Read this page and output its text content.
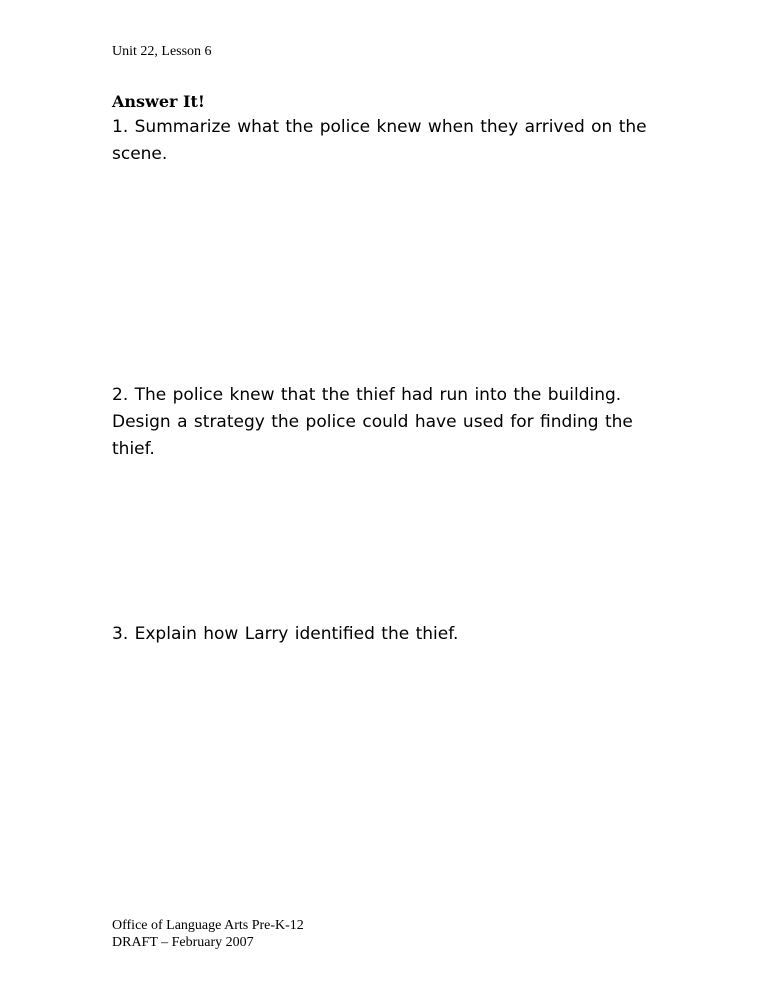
Unit 22, Lesson 6
Answer It!
1. Summarize what the police knew when they arrived on the scene.
2. The police knew that the thief had run into the building. Design a strategy the police could have used for finding the thief.
3. Explain how Larry identified the thief.
Office of Language Arts Pre-K-12
DRAFT – February 2007
